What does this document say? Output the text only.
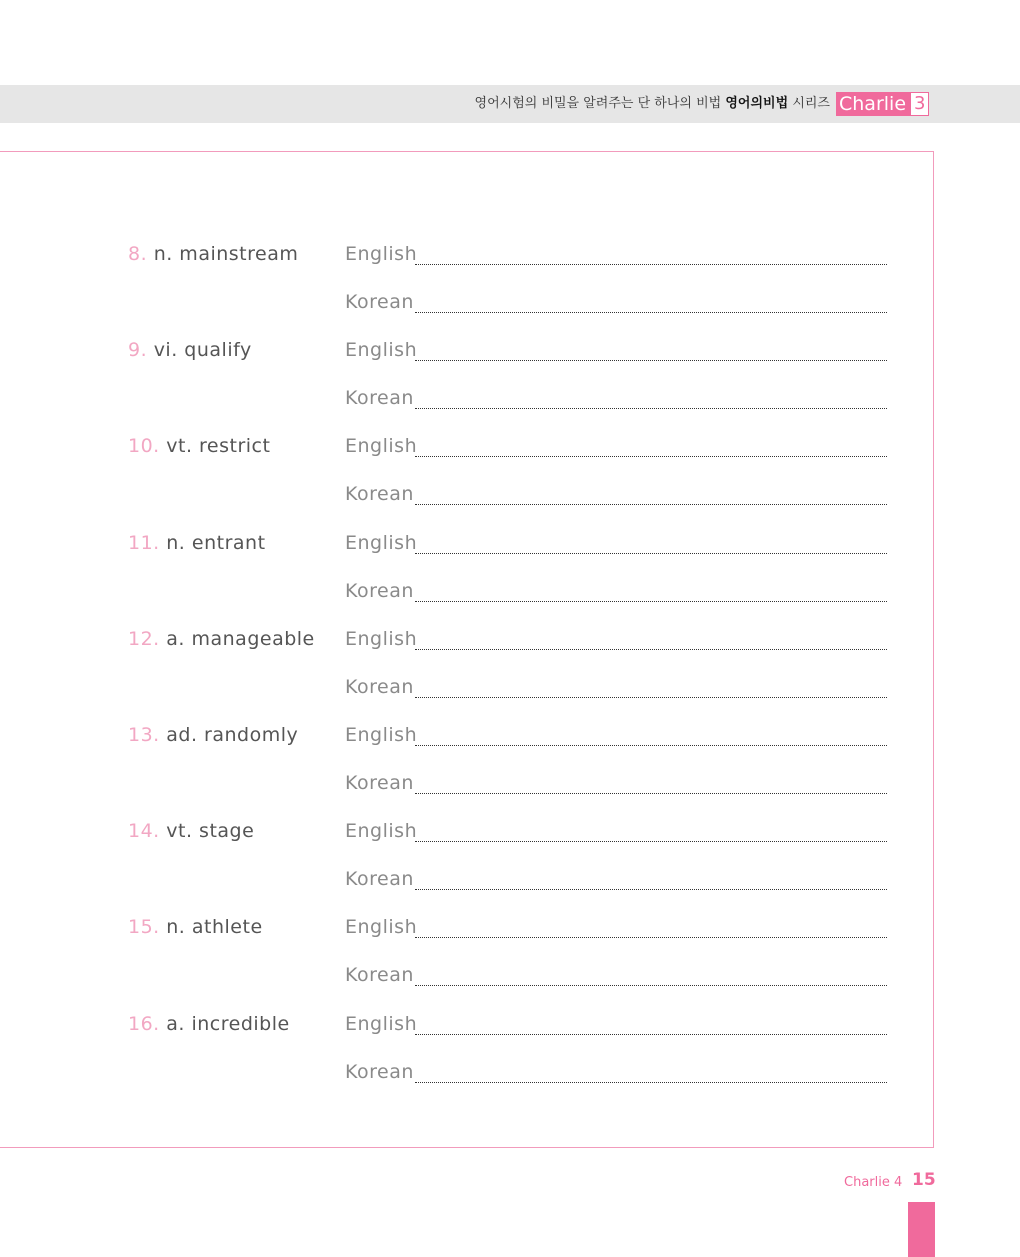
영어시험의 비밀을 알려주는 단 하나의 비법 영어의비법 시리즈 Charlie 3
8. n. mainstream English
Korean
9. vi. qualify	English
Korean
10. vt. restrict	English
Korean
11. n. entrant	English
Korean
12. a. manageable English
Korean
13. ad. randomly English
Korean
14. vt. stage	English
Korean
15. n. athlete	English
Korean
16. a. incredible	English
Korean
Charlie 4 15
